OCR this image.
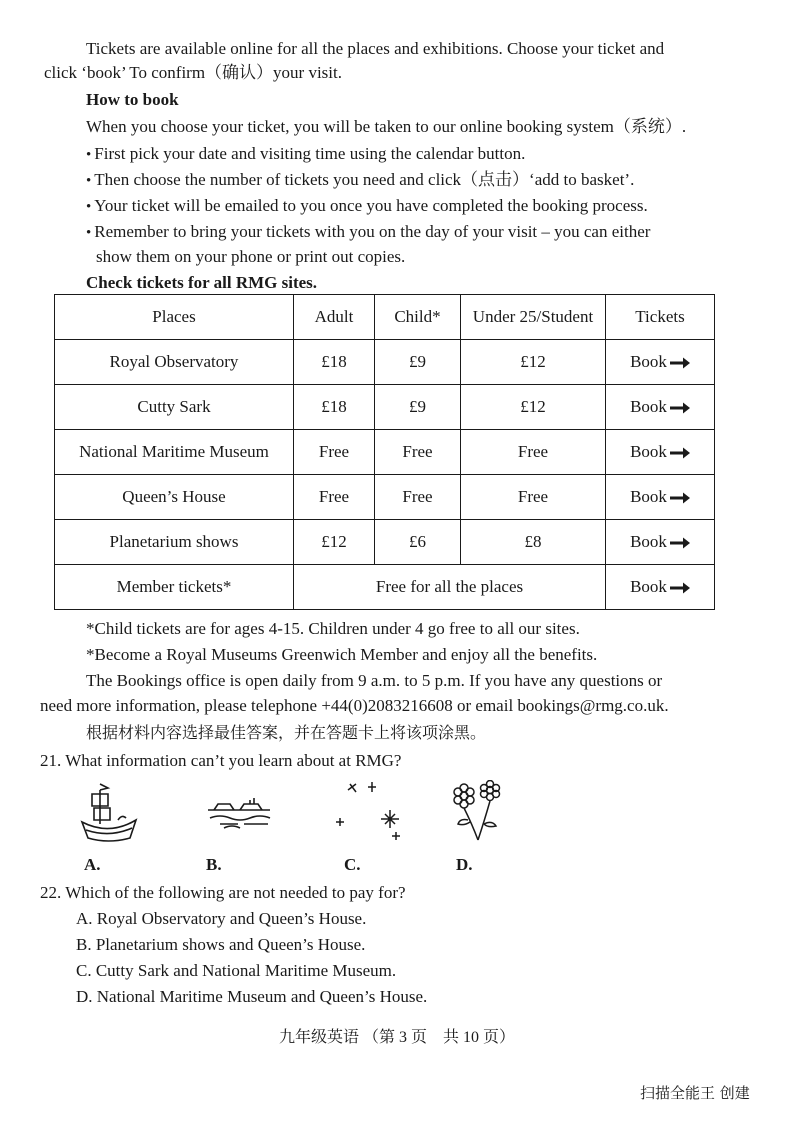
Tickets are available online for all the places and exhibitions. Choose your ticket and
click ‘book’ To confirm（确认）your visit.
How to book
When you choose your ticket, you will be taken to our online booking system（系统）.
• First pick your date and visiting time using the calendar button.
• Then choose the number of tickets you need and click（点击）‘add to basket’.
• Your ticket will be emailed to you once you have completed the booking process.
• Remember to bring your tickets with you on the day of your visit – you can either
show them on your phone or print out copies.
Check tickets for all RMG sites.
Places	Adult	Child*	Under 25/Student	Tickets
Royal Observatory	£18	£9	£12	Book
Cutty Sark	£18	£9	£12	Book
National Maritime Museum	Free	Free	Free	Book
Queen’s House	Free	Free	Free	Book
Planetarium shows	£12	£6	£8	Book
Member tickets*	Free for all the places			Book
*Child tickets are for ages 4-15. Children under 4 go free to all our sites.
*Become a Royal Museums Greenwich Member and enjoy all the benefits.
The Bookings office is open daily from 9 a.m. to 5 p.m. If you have any questions or
need more information, please telephone +44(0)2083216608 or email bookings@rmg.co.uk.
根据材料内容选择最佳答案，并在答题卡上将该项涂黑。
21. What information can’t you learn about at RMG?
A.	B.	C.	D.
22. Which of the following are not needed to pay for?
A. Royal Observatory and Queen’s House.
B. Planetarium shows and Queen’s House.
C. Cutty Sark and National Maritime Museum.
D. National Maritime Museum and Queen’s House.
九年级英语 （第 3 页　共 10 页）
扫描全能王 创建
